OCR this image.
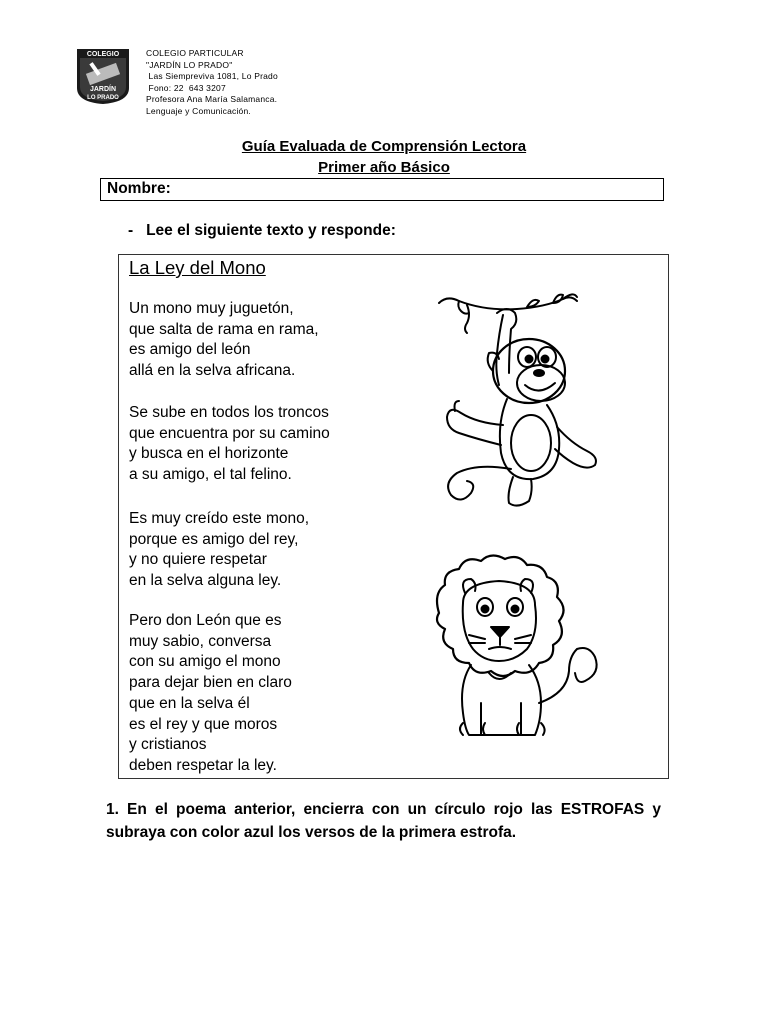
COLEGIO
JARDÍN
LO PRADO
COLEGIO PARTICULAR
"JARDÍN LO PRADO"
Las Siempreviva 1081, Lo Prado
Fono: 22  643 3207
Profesora Ana María Salamanca.
Lenguaje y Comunicación.
Guía Evaluada de Comprensión Lectora
Primer año Básico
Nombre:
-   Lee el siguiente texto y responde:
La Ley del Mono
Un mono muy juguetón,
que salta de rama en rama,
es amigo del león
allá en la selva africana.
Se sube en todos los troncos
que encuentra por su camino
y busca en el horizonte
a su amigo, el tal felino.
Es muy creído este mono,
porque es amigo del rey,
y no quiere respetar
en la selva alguna ley.
Pero don León que es
muy sabio, conversa
con su amigo el mono
para dejar bien en claro
que en la selva él
es el rey y que moros
y cristianos
deben respetar la ley.
1. En el poema anterior, encierra con un círculo rojo las ESTROFAS y subraya con color azul los versos de la primera estrofa.
